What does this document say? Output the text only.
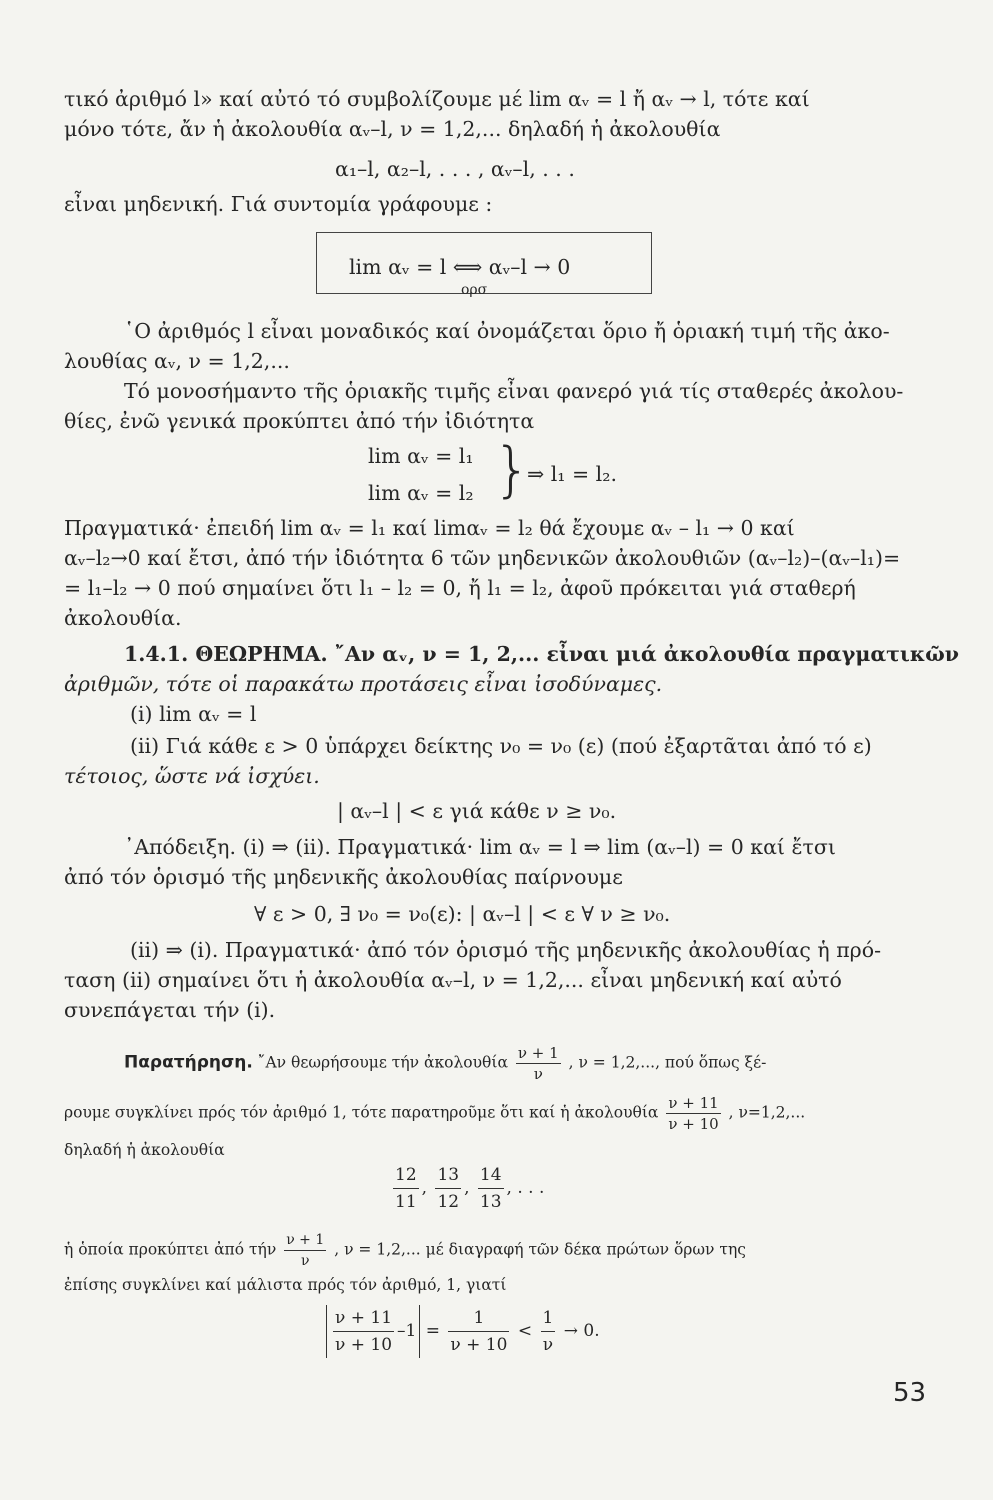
τικό ἀριθμό l» καί αὐτό τό συμβολίζουμε μέ lim αᵥ = l ἤ αᵥ → l, τότε καί
μόνο τότε, ἄν ἡ ἀκολουθία αᵥ–l, ν = 1,2,... δηλαδή ἡ ἀκολουθία
α₁–l, α₂–l, . . . , αᵥ–l, . . .
εἶναι μηδενική. Γιά συντομία γράφουμε :
lim αᵥ = l ⟺ αᵥ–l → 0
ορσ
῾Ο ἀριθμός l εἶναι μοναδικός καί ὀνομάζεται ὅριο ἤ ὁριακή τιμή τῆς ἀκο-
λουθίας αᵥ, ν = 1,2,...
Τό μονοσήμαντο τῆς ὁριακῆς τιμῆς εἶναι φανερό γιά τίς σταθερές ἀκολου-
θίες, ἐνῶ γενικά προκύπτει ἀπό τήν ἰδιότητα
lim αᵥ = l₁
lim αᵥ = l₂ }
⇒ l₁ = l₂.
Πραγματικά· ἐπειδή lim αᵥ = l₁ καί limαᵥ = l₂ θά ἔχουμε αᵥ – l₁ → 0 καί
αᵥ–l₂→0 καί ἔτσι, ἀπό τήν ἰδιότητα 6 τῶν μηδενικῶν ἀκολουθιῶν (αᵥ–l₂)–(αᵥ–l₁)=
= l₁–l₂ → 0 πού σημαίνει ὅτι l₁ – l₂ = 0, ἤ l₁ = l₂, ἀφοῦ πρόκειται γιά σταθερή
ἀκολουθία.
1.4.1. ΘΕΩΡΗΜΑ. ῎Αν αᵥ, ν = 1, 2,... εἶναι μιά ἀκολουθία πραγματικῶν
ἀριθμῶν, τότε οἱ παρακάτω προτάσεις εἶναι ἰσοδύναμες.
(i) lim αᵥ = l
(ii) Γιά κάθε ε > 0 ὑπάρχει δείκτης ν₀ = ν₀ (ε) (πού ἐξαρτᾶται ἀπό τό ε)
τέτοιος, ὥστε νά ἰσχύει.
| αᵥ–l | < ε γιά κάθε ν ≥ ν₀.
᾿Απόδειξη. (i) ⇒ (ii). Πραγματικά· lim αᵥ = l ⇒ lim (αᵥ–l) = 0 καί ἔτσι
ἀπό τόν ὁρισμό τῆς μηδενικῆς ἀκολουθίας παίρνουμε
∀ ε > 0, ∃ ν₀ = ν₀(ε): | αᵥ–l | < ε ∀ ν ≥ ν₀.
(ii) ⇒ (i). Πραγματικά· ἀπό τόν ὁρισμό τῆς μηδενικῆς ἀκολουθίας ἡ πρό-
ταση (ii) σημαίνει ὅτι ἡ ἀκολουθία αᵥ–l, ν = 1,2,... εἶναι μηδενική καί αὐτό
συνεπάγεται τήν (i).
Παρατήρηση. ῎Αν θεωρήσουμε τήν ἀκολουθία $\frac{\nu + 1}{\nu}$ , ν = 1,2,..., πού ὅπως ξέ-
ρουμε συγκλίνει πρός τόν ἀριθμό 1, τότε παρατηροῦμε ὅτι καί ἡ ἀκολουθία $\frac{\nu + 11}{\nu + 10}$ , ν=1,2,...
δηλαδή ἡ ἀκολουθία
$\frac{12}{11}$ , $\frac{13}{12}$ , $\frac{14}{13}$ , . . .
ἡ ὁποία προκύπτει ἀπό τήν $\frac{\nu + 1}{\nu}$ , ν = 1,2,... μέ διαγραφή τῶν δέκα πρώτων ὅρων της
ἐπίσης συγκλίνει καί μάλιστα πρός τόν ἀριθμό, 1, γιατί
$\frac{\nu + 11}{\nu + 10} -1 = \frac{1}{\nu + 10} < \frac{1}{\nu} \to 0$.
53
